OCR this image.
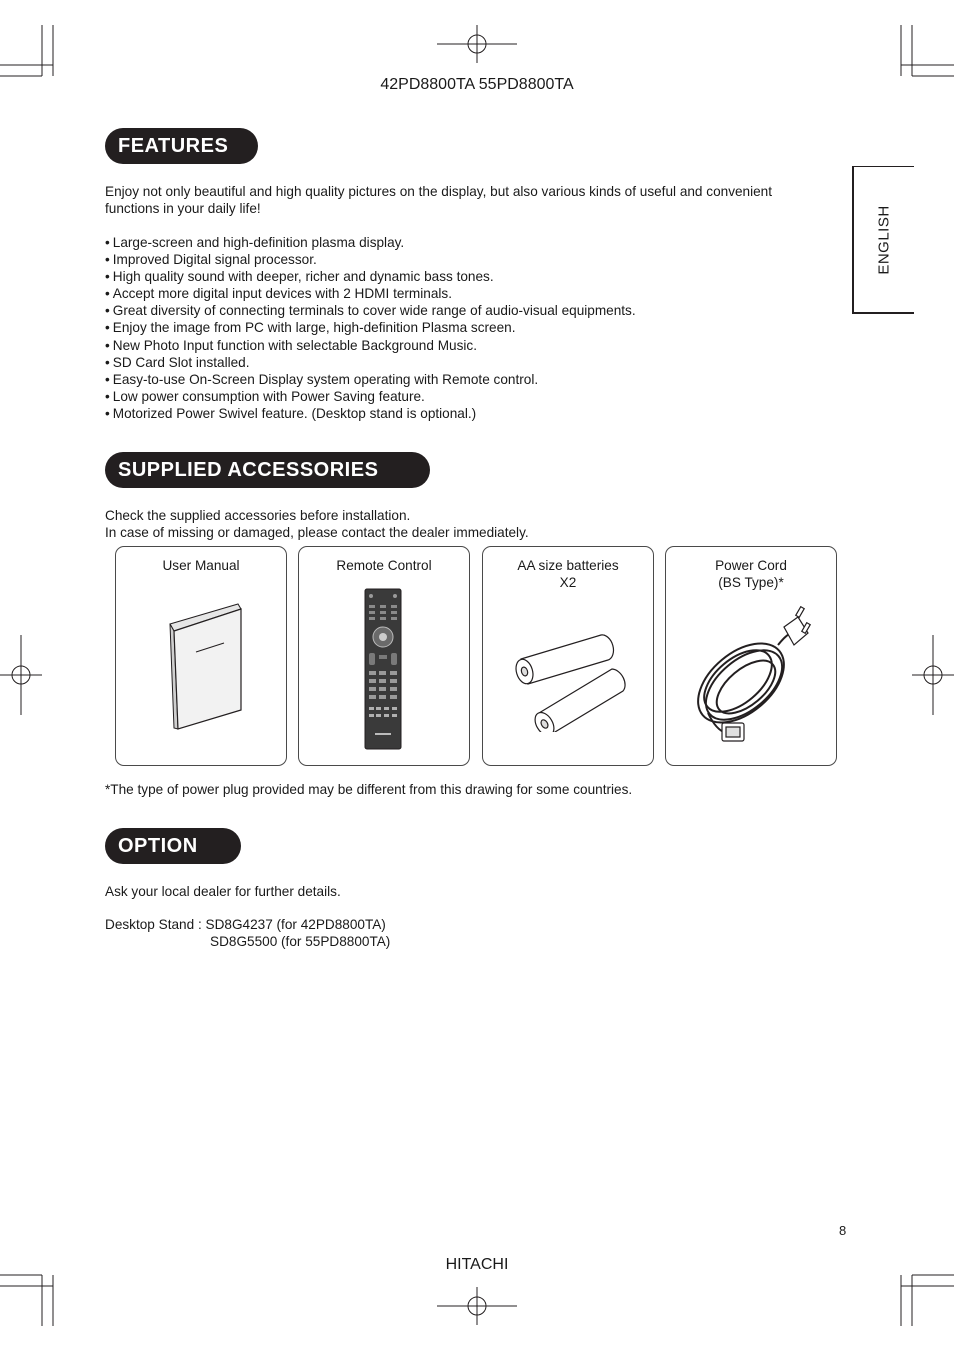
42PD8800TA 55PD8800TA
ENGLISH
FEATURES
Enjoy not only beautiful and high quality pictures on the display, but also various kinds of useful and convenient
functions in your daily life!
• Large-screen and high-definition plasma display.
• Improved Digital signal processor.
• High quality sound with deeper, richer and dynamic bass tones.
• Accept more digital input devices with 2 HDMI terminals.
• Great diversity of connecting terminals to cover wide range of audio-visual equipments.
• Enjoy the image from PC with large, high-definition Plasma screen.
• New Photo Input function with selectable Background Music.
• SD Card Slot installed.
• Easy-to-use On-Screen Display system operating with Remote control.
• Low power consumption with Power Saving feature.
• Motorized Power Swivel feature. (Desktop stand is optional.)
SUPPLIED ACCESSORIES
Check the supplied accessories before installation.
In case of missing or damaged, please contact the dealer immediately.
User Manual	Remote Control	AA size batteries
X2
Power Cord
(BS Type)*
*The type of power plug provided may be different from this drawing for some countries.
OPTION
Ask your local dealer for further details.
Desktop Stand : SD8G4237 (for 42PD8800TA)
SD8G5500 (for 55PD8800TA)
8
HITACHI
